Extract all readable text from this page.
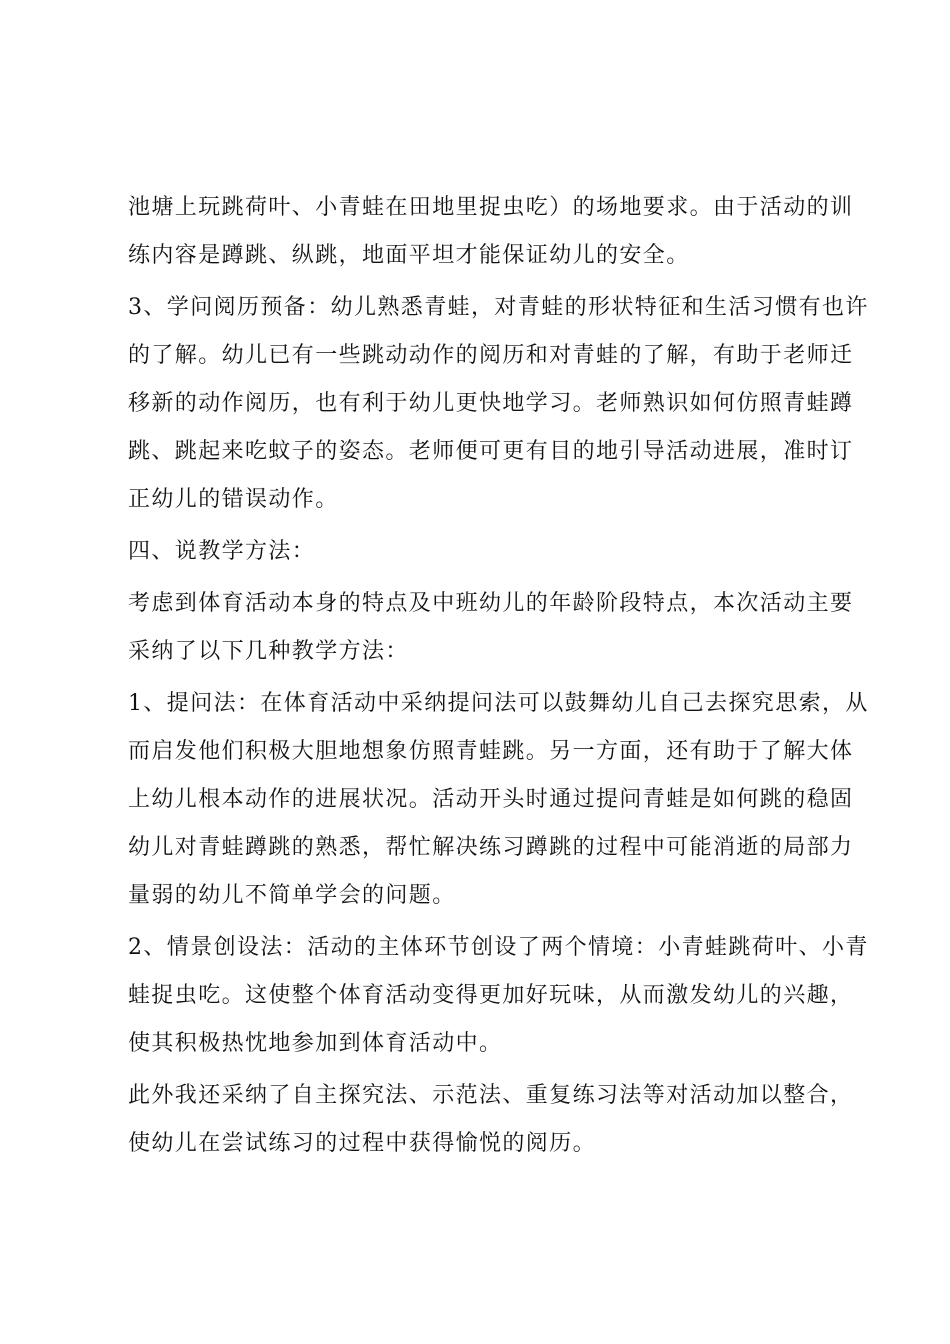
池塘上玩跳荷叶、小青蛙在田地里捉虫吃）的场地要求。由于活动的训
练内容是蹲跳、纵跳，地面平坦才能保证幼儿的安全。
3、学问阅历预备：幼儿熟悉青蛙，对青蛙的形状特征和生活习惯有也许
的了解。幼儿已有一些跳动动作的阅历和对青蛙的了解，有助于老师迁
移新的动作阅历，也有利于幼儿更快地学习。老师熟识如何仿照青蛙蹲
跳、跳起来吃蚊子的姿态。老师便可更有目的地引导活动进展，准时订
正幼儿的错误动作。
四、说教学方法：
考虑到体育活动本身的特点及中班幼儿的年龄阶段特点，本次活动主要
采纳了以下几种教学方法：
1、提问法：在体育活动中采纳提问法可以鼓舞幼儿自己去探究思索，从
而启发他们积极大胆地想象仿照青蛙跳。另一方面，还有助于了解大体
上幼儿根本动作的进展状况。活动开头时通过提问青蛙是如何跳的稳固
幼儿对青蛙蹲跳的熟悉，帮忙解决练习蹲跳的过程中可能消逝的局部力
量弱的幼儿不简单学会的问题。
2、情景创设法：活动的主体环节创设了两个情境：小青蛙跳荷叶、小青
蛙捉虫吃。这使整个体育活动变得更加好玩味，从而激发幼儿的兴趣，
使其积极热忱地参加到体育活动中。
此外我还采纳了自主探究法、示范法、重复练习法等对活动加以整合，
使幼儿在尝试练习的过程中获得愉悦的阅历。
